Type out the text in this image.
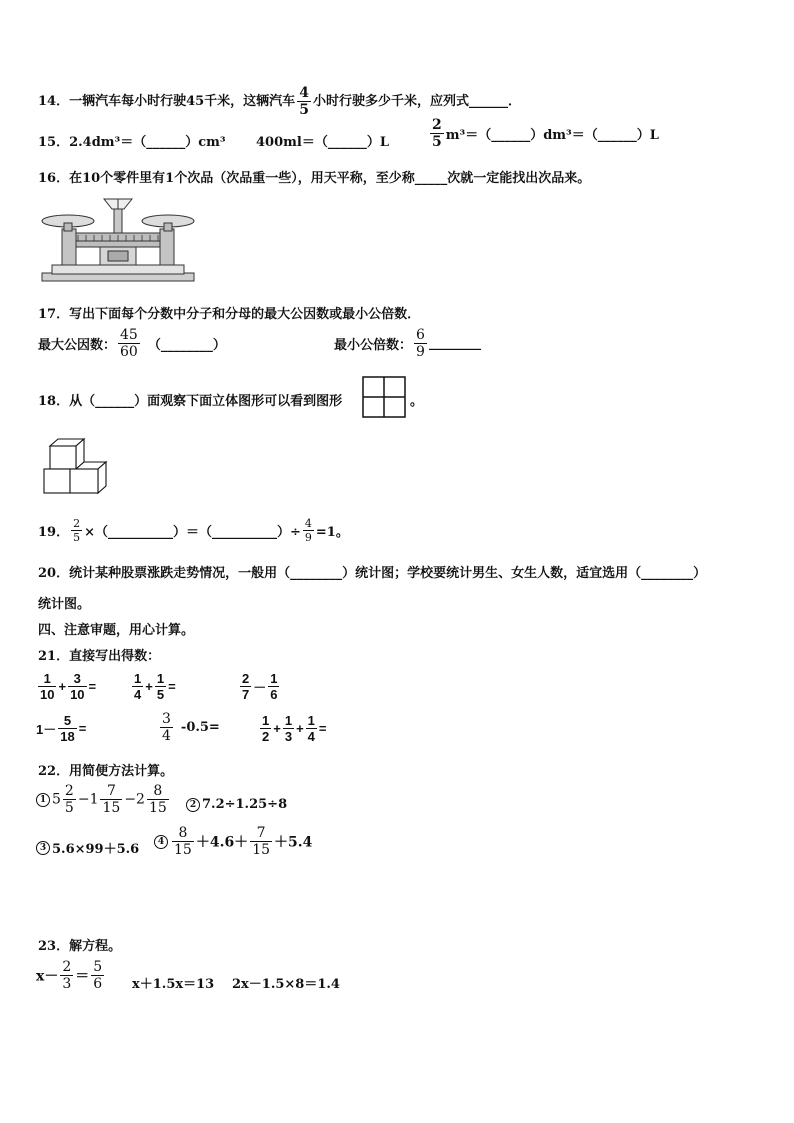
14．一辆汽车每小时行驶45千米，这辆汽车 $\frac{4}{5}$ 小时行驶多少千米，应列式______．
15．2.4dm³＝（______）cm³ 400ml＝（______）L	$\frac{2}{5}$ m³＝（______）dm³＝（______）L
16．在10个零件里有1个次品（次品重一些），用天平称，至少称_____次就一定能找出次品来。
17．写出下面每个分数中分子和分母的最大公因数或最小公倍数．
最大公因数： $\frac{45}{60}$ （________）	最小公倍数： $\frac{6}{9}$ ________
18．从（______）面观察下面立体图形可以看到图形	。
19． $\frac{2}{5}$ ×（__________）＝（__________）÷ $\frac{4}{9} =1$。
20．统计某种股票涨跌走势情况，一般用（________）统计图；学校要统计男生、女生人数，适宜选用（________）
统计图。
四、注意审题，用心计算。
21．直接写出得数：
$\frac{1}{10} + \frac{3}{10}$ =	$\frac{1}{4} + \frac{1}{5}$ =	$\frac{2}{7} - \frac{1}{6}$
$1- \frac{5}{18}$ =	$\frac{3}{4} -0.5=$	$\frac{1}{2} + \frac{1}{3} + \frac{1}{4}$ =
22．用简便方法计算。
1 $5 \frac{2}{5} -1 \frac{7}{15} -2 \frac{8}{15}$	2 7.2÷1.25÷8
3 5.6×99＋5.6
$4 \frac{8}{15} +4.6+ \frac{7}{15} +5.4$
23．解方程。
$x- \frac{2}{3} = \frac{5}{6} x+1.5x=13$ 2x－1.5×8＝1.4
